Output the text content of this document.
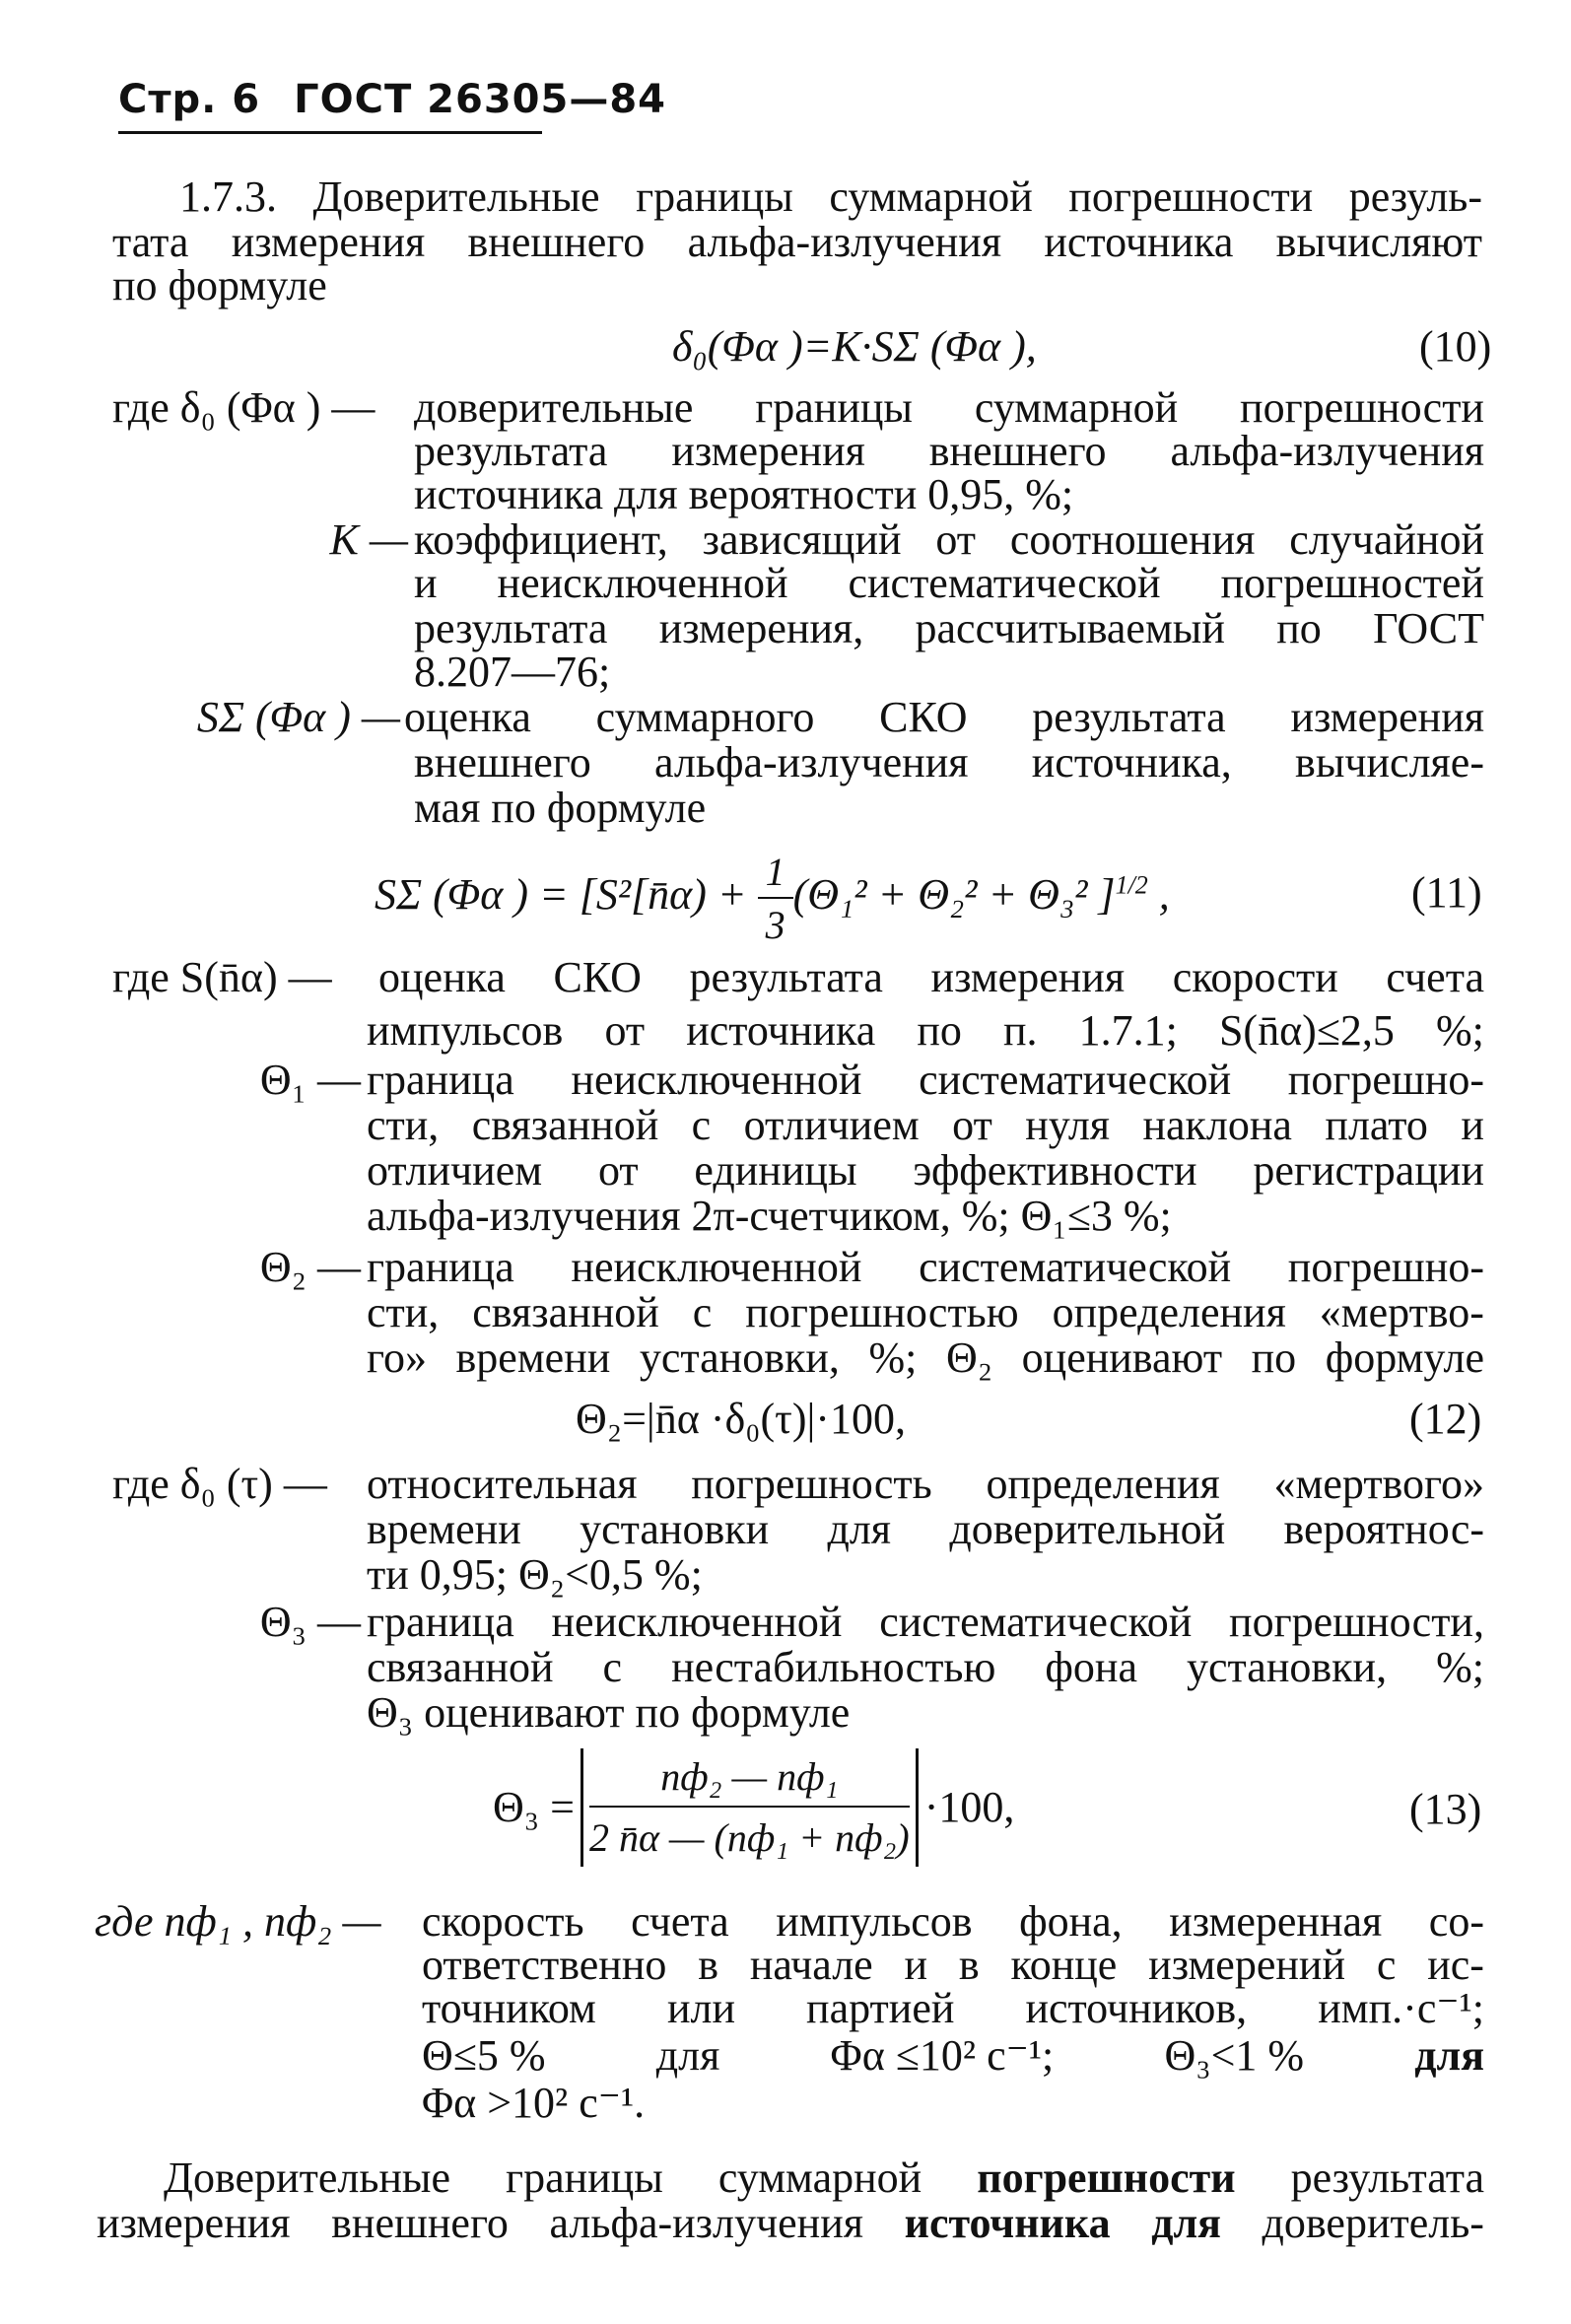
Стр. 6 ГОСТ 26305—84
1.7.3. Доверительные границы суммарной погрешности резуль-
тата измерения внешнего альфа-излучения источника вычисляют
по формуле
δ₀(Φα )=K·SΣ (Φα ),	(10)
где δ₀ (Φα ) — доверительные границы суммарной погрешности
результата измерения внешнего альфа-излучения
источника для вероятности 0,95, %;
K — коэффициент, зависящий от соотношения случайной
и неисключенной систематической погрешностей
результата измерения, рассчитываемый по ГОСТ
8.207—76;
SΣ (Φα ) — оценка суммарного СКО результата измерения
внешнего альфа-излучения источника, вычисляе-
мая по формуле
SΣ (Φα ) = [S²[n̄α) + $\frac{1}{3} (\Theta_1^2 + \Theta_2^2 + \Theta_3^2$ ]$^{1/2}$ ,	(11)
где S(n̄α) — оценка СКО результата измерения скорости счета
импульсов от источника по п. 1.7.1; S(n̄α)≤2,5 %;
Θ₁ — граница неисключенной систематической погрешно-
сти, связанной с отличием от нуля наклона плато и
отличием от единицы эффективности регистрации
альфа-излучения 2π-счетчиком, %; Θ₁≤3 %;
Θ₂ — граница неисключенной систематической погрешно-
сти, связанной с погрешностью определения «мертво-
го» времени установки, %; Θ₂ оценивают по формуле
Θ₂=|n̄α ·δ₀(τ)|·100,	(12)
где δ₀ (τ) — относительная погрешность определения «мертвого»
времени установки для доверительной вероятнос-
ти 0,95; Θ₂<0,5 %;
Θ₃ — граница неисключенной систематической погрешности,
связанной с нестабильностью фона установки, %;
Θ₃ оценивают по формуле
$\Theta_3 = \frac{\text{nф₂ — nф₁}}{\text{2 n̄α — (nф₁ + nф₂)}} \cdot 100$,	(13)
где nф₁ , nф₂ — скорость счета импульсов фона, измеренная со-
ответственно в начале и в конце измерений с ис-
точником или партией источников, имп.·с⁻¹;
Θ≤5 %	для	Φα ≤10² с⁻¹;	Θ₃<1 %	для
Φα >10² с⁻¹.
Доверительные границы суммарной погрешности результата
измерения внешнего альфа-излучения источника для доверитель-
